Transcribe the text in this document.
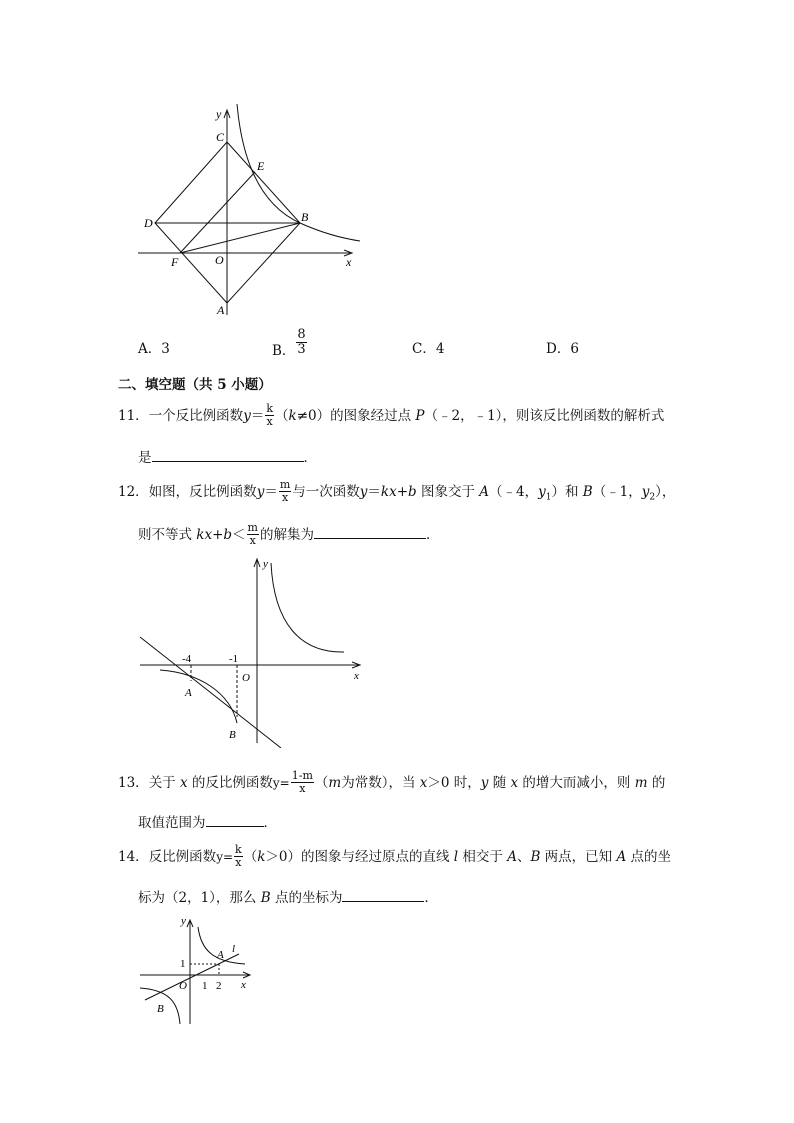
y
x
C
E
D	B
F	O
A
A．3	B． $\frac{8}{3}$	C．4	D．6
二、填空题（共 5 小题）
11．一个反比例函数$y= \frac{k}{x} (k\ne 0)$的图象经过点 P（﹣2，﹣1），则该反比例函数的解析式
是	．
12．如图，反比例函数$y= \frac{m}{x}$ 与一次函数y＝kx+b 图象交于 A（﹣4，$y_1$）和 B（﹣1，$y_2$），
则不等式 $kx+b< \frac{m}{x}$ 的解集为	．
y
x
-4	-1
O
A
B
13．关于 x 的反比例函数$y= \frac{1-m}{x} (m$为常数），当 x＞0 时，y 随 x 的增大而减小，则 m 的
取值范围为	．
14．反比例函数$y= \frac{k}{x} (k>0)$的图象与经过原点的直线 l 相交于 A、B 两点，已知 A 点的坐
标为（2，1），那么 B 点的坐标为	．
y
x
1
O 1 2
A l
B
